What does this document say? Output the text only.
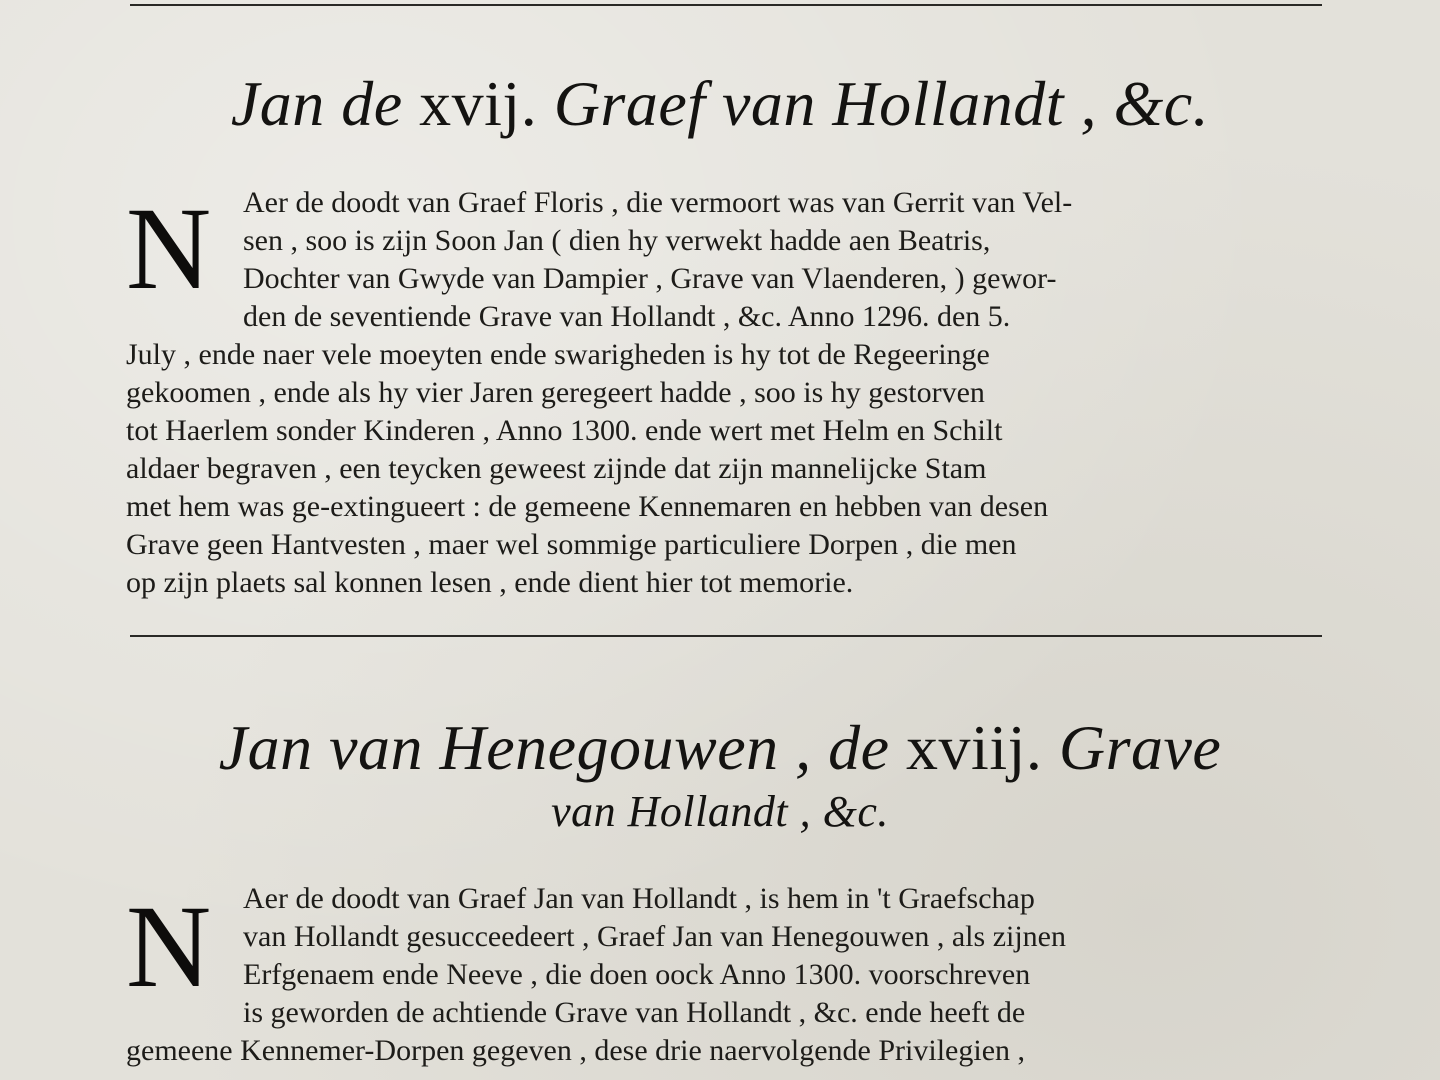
Jan de xvij. Graef van Hollandt , &c.
N Aer de doodt van Graef Floris , die vermoort was van Gerrit van Vel-
sen , soo is zijn Soon Jan ( dien hy verwekt hadde aen Beatris,
Dochter van Gwyde van Dampier , Grave van Vlaenderen, ) gewor-
den de seventiende Grave van Hollandt , &c. Anno 1296. den 5.
July , ende naer vele moeyten ende swarigheden is hy tot de Regeeringe
gekoomen , ende als hy vier Jaren geregeert hadde , soo is hy gestorven
tot Haerlem sonder Kinderen , Anno 1300. ende wert met Helm en Schilt
aldaer begraven , een teycken geweest zijnde dat zijn mannelijcke Stam
met hem was ge-extingueert : de gemeene Kennemaren en hebben van desen
Grave geen Hantvesten , maer wel sommige particuliere Dorpen , die men
op zijn plaets sal konnen lesen , ende dient hier tot memorie.
Jan van Henegouwen , de xviij. Grave
van Hollandt , &c.
N Aer de doodt van Graef Jan van Hollandt , is hem in 't Graefschap
van Hollandt gesucceedeert , Graef Jan van Henegouwen , als zijnen
Erfgenaem ende Neeve , die doen oock Anno 1300. voorschreven
is geworden de achtiende Grave van Hollandt , &c. ende heeft de
gemeene Kennemer-Dorpen gegeven , dese drie naervolgende Privilegien ,
